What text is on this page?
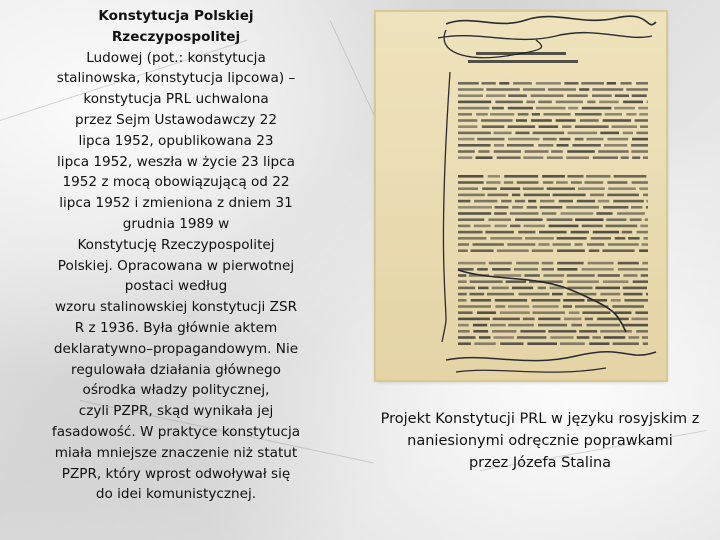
Konstytucja Polskiej
Rzeczypospolitej
Ludowej (pot.: konstytucja
stalinowska, konstytucja lipcowa) –
konstytucja PRL uchwalona
przez Sejm Ustawodawczy 22
lipca 1952, opublikowana 23
lipca 1952, weszła w życie 23 lipca
1952 z mocą obowiązującą od 22
lipca 1952 i zmieniona z dniem 31
grudnia 1989 w
Konstytucję Rzeczypospolitej
Polskiej. Opracowana w pierwotnej
postaci według
wzoru stalinowskiej konstytucji ZSR
R z 1936. Była głównie aktem
deklaratywno–propagandowym. Nie
regulowała działania głównego
ośrodka władzy politycznej,
czyli PZPR, skąd wynikała jej
fasadowość. W praktyce konstytucja
miała mniejsze znaczenie niż statut
PZPR, który wprost odwoływał się
do idei komunistycznej.
Projekt Konstytucji PRL w języku rosyjskim z
naniesionymi odręcznie poprawkami
przez Józefa Stalina
